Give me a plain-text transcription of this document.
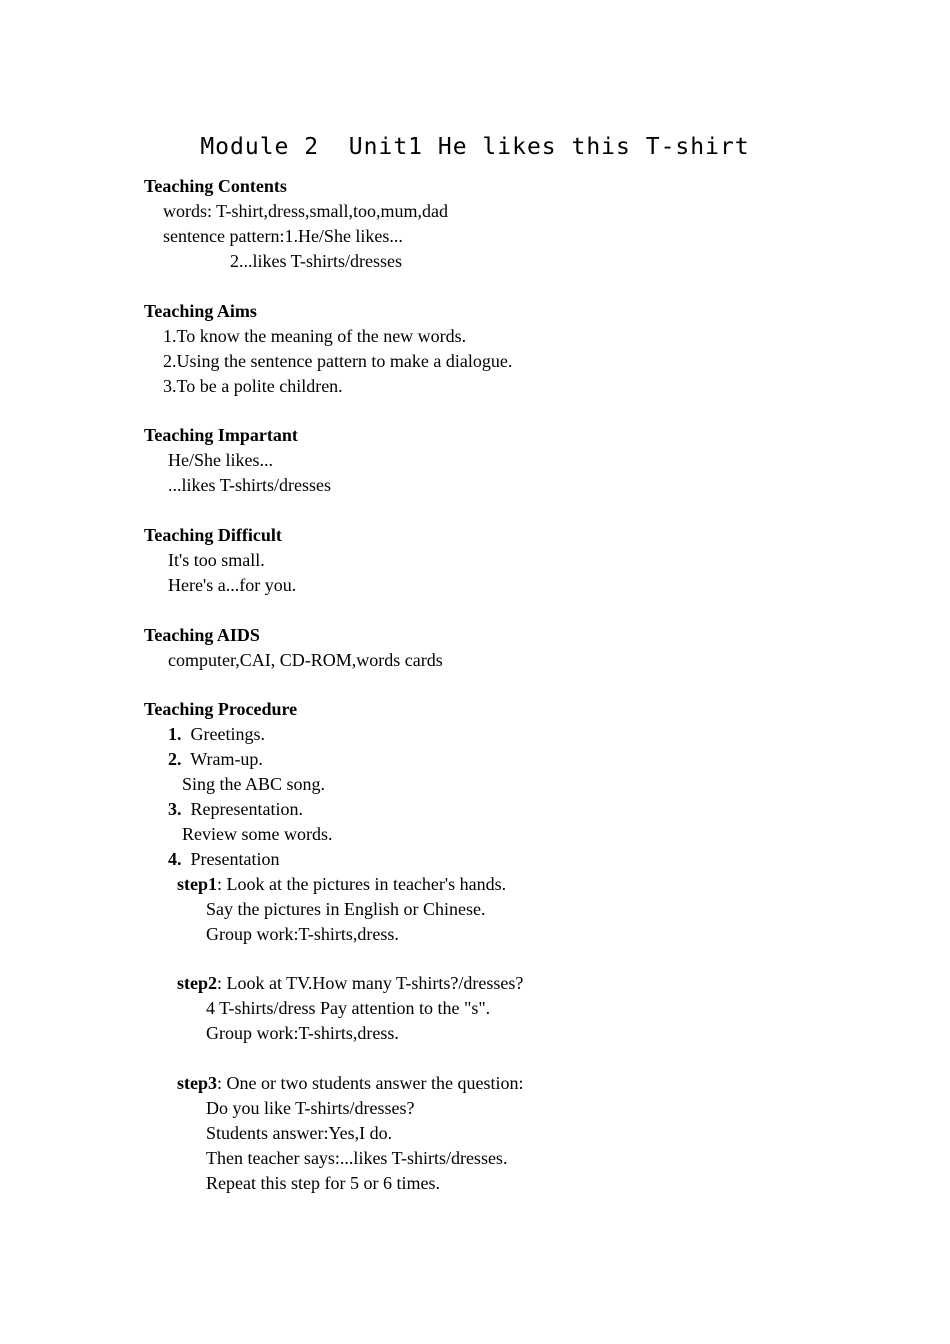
Module 2  Unit1 He likes this T-shirt
Teaching Contents
words: T-shirt,dress,small,too,mum,dad
sentence pattern:1.He/She likes...
2...likes T-shirts/dresses
Teaching Aims
1.To know the meaning of the new words.
2.Using the sentence pattern to make a dialogue.
3.To be a polite children.
Teaching Impartant
He/She likes...
...likes T-shirts/dresses
Teaching Difficult
It's too small.
Here's a...for you.
Teaching AIDS
computer,CAI, CD-ROM,words cards
Teaching Procedure
1. Greetings.
2. Wram-up.
Sing the ABC song.
3. Representation.
Review some words.
4. Presentation
step1: Look at the pictures in teacher's hands.
Say the pictures in English or Chinese.
Group work:T-shirts,dress.
step2: Look at TV.How many T-shirts?/dresses?
4 T-shirts/dress Pay attention to the "s".
Group work:T-shirts,dress.
step3: One or two students answer the question:
Do you like T-shirts/dresses?
Students answer:Yes,I do.
Then teacher says:...likes T-shirts/dresses.
Repeat this step for 5 or 6 times.
